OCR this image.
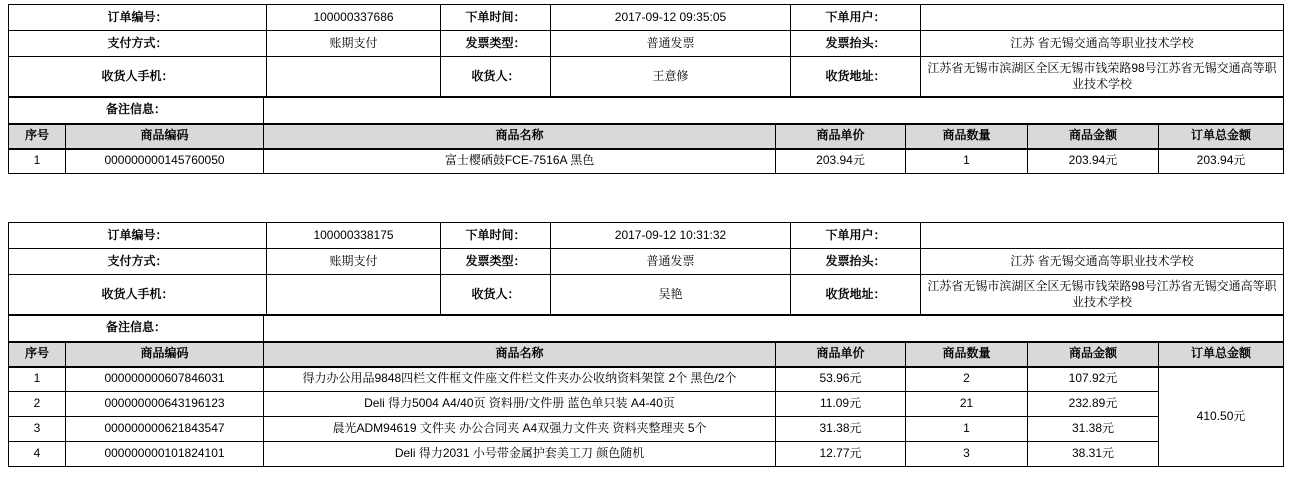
订单编号：	100000337686	下单时间：	2017-09-12 09:35:05	下单用户：	
支付方式：	账期支付	发票类型：	普通发票	发票抬头：	江苏 省无锡交通高等职业技术学校
收货人手机：		收货人：	王意修	收货地址：	江苏省无锡市滨湖区全区无锡市钱荣路98号江苏省无锡交通高等职业技术学校
备注信息：						
序号	商品编码	商品名称	商品单价	商品数量	商品金额	订单总金额
1	000000000145760050	富士樱硒鼓FCE-7516A 黑色	203.94元	1	203.94元	203.94元
订单编号：	100000338175	下单时间：	2017-09-12 10:31:32	下单用户：	
支付方式：	账期支付	发票类型：	普通发票	发票抬头：	江苏 省无锡交通高等职业技术学校
收货人手机：		收货人：	吴艳	收货地址：	江苏省无锡市滨湖区全区无锡市钱荣路98号江苏省无锡交通高等职业技术学校
备注信息：						
序号	商品编码	商品名称	商品单价	商品数量	商品金额	订单总金额
1	000000000607846031	得力办公用品9848四栏文件框文件座文件栏文件夹办公收纳资料架筐 2个 黑色/2个	53.96元	2	107.92元	410.50元
2	000000000643196123	Deli 得力5004 A4/40页 资料册/文件册 蓝色单只装 A4-40页	11.09元	21	232.89元	
3	000000000621843547	晨光ADM94619 文件夹 办公合同夹 A4双强力文件夹 资料夹整理夹 5个	31.38元	1	31.38元	
4	000000000101824101	Deli 得力2031 小号带金属护套美工刀 颜色随机	12.77元	3	38.31元	
